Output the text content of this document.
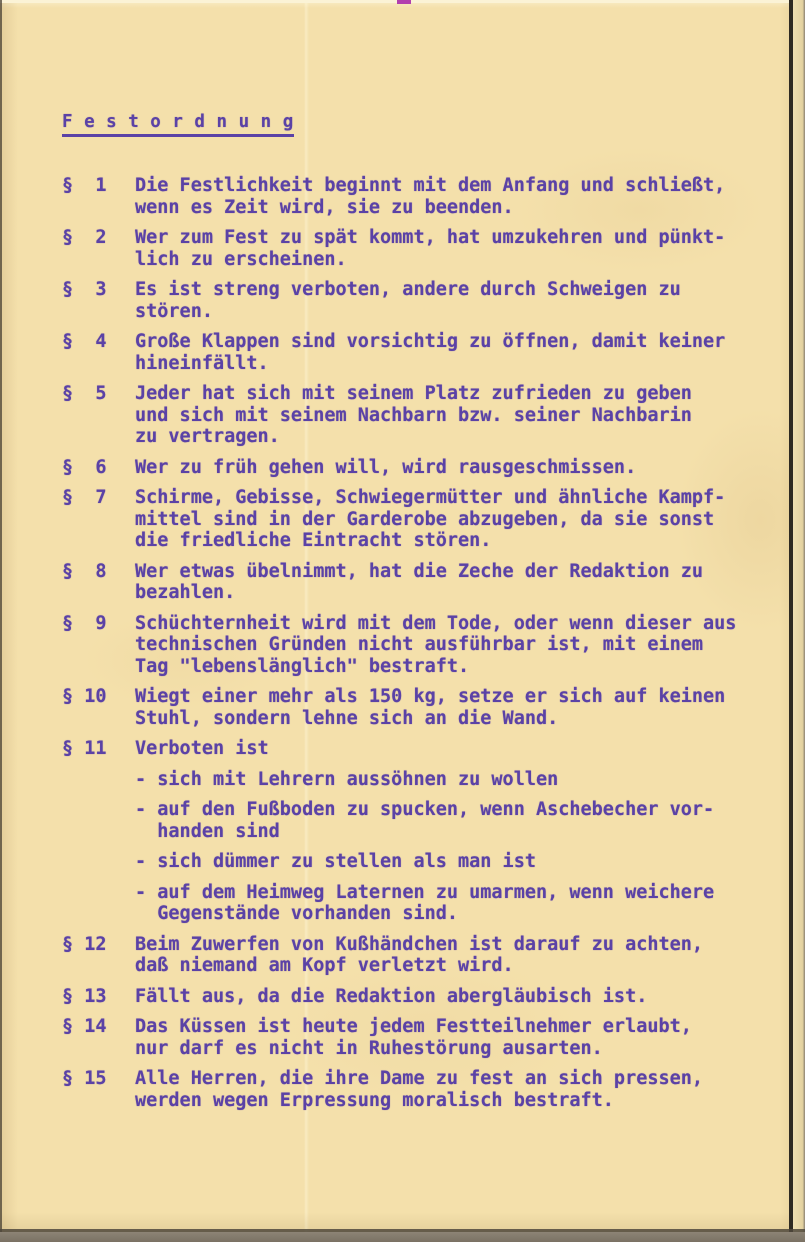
F e s t o r d n u n g
§  1	Die Festlichkeit beginnt mit dem Anfang und schließt,
wenn es Zeit wird, sie zu beenden.
§  2	Wer zum Fest zu spät kommt, hat umzukehren und pünkt-
lich zu erscheinen.
§  3	Es ist streng verboten, andere durch Schweigen zu
stören.
§  4	Große Klappen sind vorsichtig zu öffnen, damit keiner
hineinfällt.
§  5	Jeder hat sich mit seinem Platz zufrieden zu geben
und sich mit seinem Nachbarn bzw. seiner Nachbarin
zu vertragen.
§  6	Wer zu früh gehen will, wird rausgeschmissen.
§  7	Schirme, Gebisse, Schwiegermütter und ähnliche Kampf-
mittel sind in der Garderobe abzugeben, da sie sonst
die friedliche Eintracht stören.
§  8	Wer etwas übelnimmt, hat die Zeche der Redaktion zu
bezahlen.
§  9	Schüchternheit wird mit dem Tode, oder wenn dieser aus
technischen Gründen nicht ausführbar ist, mit einem
Tag "lebenslänglich" bestraft.
§ 10	Wiegt einer mehr als 150 kg, setze er sich auf keinen
Stuhl, sondern lehne sich an die Wand.
§ 11	Verboten ist
- sich mit Lehrern aussöhnen zu wollen
- auf den Fußboden zu spucken, wenn Aschebecher vor-
handen sind
- sich dümmer zu stellen als man ist
- auf dem Heimweg Laternen zu umarmen, wenn weichere
Gegenstände vorhanden sind.
§ 12	Beim Zuwerfen von Kußhändchen ist darauf zu achten,
daß niemand am Kopf verletzt wird.
§ 13	Fällt aus, da die Redaktion abergläubisch ist.
§ 14	Das Küssen ist heute jedem Festteilnehmer erlaubt,
nur darf es nicht in Ruhestörung ausarten.
§ 15	Alle Herren, die ihre Dame zu fest an sich pressen,
werden wegen Erpressung moralisch bestraft.
